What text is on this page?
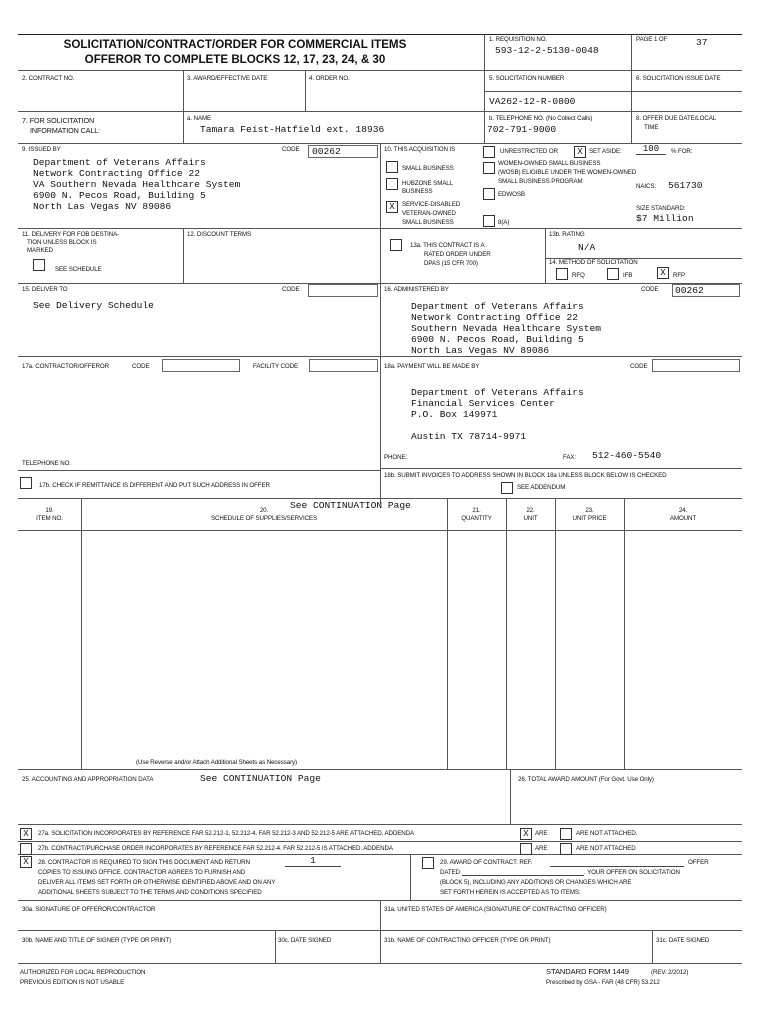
SOLICITATION/CONTRACT/ORDER FOR COMMERCIAL ITEMS
OFFEROR TO COMPLETE BLOCKS 12, 17, 23, 24, & 30
1. REQUISITION NO.
593-12-2-5130-0048
PAGE 1 OF	37
2. CONTRACT NO.	3. AWARD/EFFECTIVE DATE	4. ORDER NO.	5. SOLICITATION NUMBER
VA262-12-R-0800
6. SOLICITATION ISSUE DATE
7. FOR SOLICITATION
INFORMATION CALL:
a. NAME
Tamara Feist-Hatfield ext. 18936
b. TELEPHONE NO. (No Collect Calls)
702-791-9000
8. OFFER DUE DATE/LOCAL
TIME
9. ISSUED BY	CODE 00262
Department of Veterans Affairs
Network Contracting Office 22
VA Southern Nevada Healthcare System
6900 N. Pecos Road, Building 5
North Las Vegas NV 89086
10. THIS ACQUISITION IS	UNRESTRICTED OR	X	SET ASIDE:	100	% FOR:
SMALL BUSINESS
HUBZONE SMALL
BUSINESS
X	SERVICE-DISABLED
VETERAN-OWNED
SMALL BUSINESS
WOMEN-OWNED SMALL BUSINESS
(WOSB) ELIGIBLE UNDER THE WOMEN-OWNED
SMALL BUSINESS PROGRAM
EDWOSB
8(A)
NAICS: 561730
SIZE STANDARD:
$7 Million
11. DELIVERY FOR FOB DESTINA-
TION UNLESS BLOCK IS
MARKED
SEE SCHEDULE
12. DISCOUNT TERMS
13a. THIS CONTRACT IS A
RATED ORDER UNDER
DPAS (15 CFR 700)
13b. RATING
N/A
14. METHOD OF SOLICITATION
RFQ	IFB	X	RFP
15. DELIVER TO	CODE
See Delivery Schedule
16. ADMINISTERED BY	CODE 00262
Department of Veterans Affairs
Network Contracting Office 22
Southern Nevada Healthcare System
6900 N. Pecos Road, Building 5
North Las Vegas NV 89086
17a. CONTRACTOR/OFFEROR	CODE	FACILITY CODE	18a. PAYMENT WILL BE MADE BY	CODE
Department of Veterans Affairs
Financial Services Center
P.O. Box 149971

Austin TX 78714-9971
PHONE:	FAX: 512-460-5540
TELEPHONE NO.
18b. SUBMIT INVOICES TO ADDRESS SHOWN IN BLOCK 18a UNLESS BLOCK BELOW IS CHECKED
SEE ADDENDUM
17b. CHECK IF REMITTANCE IS DIFFERENT AND PUT SUCH ADDRESS IN OFFER
19.
ITEM NO.
20.
SCHEDULE OF SUPPLIES/SERVICES
See CONTINUATION Page	21.
QUANTITY
22.
UNIT
23.
UNIT PRICE
24.
AMOUNT
(Use Reverse and/or Attach Additional Sheets as Necessary)
25. ACCOUNTING AND APPROPRIATION DATA	See CONTINUATION Page	26. TOTAL AWARD AMOUNT (For Govt. Use Only)
X	27a. SOLICITATION INCORPORATES BY REFERENCE FAR 52.212-1, 52.212-4. FAR 52.212-3 AND 52.212-5 ARE ATTACHED. ADDENDA	X	ARE	ARE NOT ATTACHED.
27b. CONTRACT/PURCHASE ORDER INCORPORATES BY REFERENCE FAR 52.212-4. FAR 52.212-5 IS ATTACHED. ADDENDA	ARE	ARE NOT ATTACHED
X	28. CONTRACTOR IS REQUIRED TO SIGN THIS DOCUMENT AND RETURN	1
COPIES TO ISSUING OFFICE. CONTRACTOR AGREES TO FURNISH AND
DELIVER ALL ITEMS SET FORTH OR OTHERWISE IDENTIFIED ABOVE AND ON ANY
ADDITIONAL SHEETS SUBJECT TO THE TERMS AND CONDITIONS SPECIFIED
29. AWARD OF CONTRACT: REF.	OFFER
DATED	. YOUR OFFER ON SOLICITATION
(BLOCK 5), INCLUDING ANY ADDITIONS OR CHANGES WHICH ARE
SET FORTH HEREIN IS ACCEPTED AS TO ITEMS:
30a. SIGNATURE OF OFFEROR/CONTRACTOR	31a. UNITED STATES OF AMERICA (SIGNATURE OF CONTRACTING OFFICER)
30b. NAME AND TITLE OF SIGNER (TYPE OR PRINT)	30c. DATE SIGNED	31b. NAME OF CONTRACTING OFFICER (TYPE OR PRINT)	31c. DATE SIGNED
AUTHORIZED FOR LOCAL REPRODUCTION
PREVIOUS EDITION IS NOT USABLE
STANDARD FORM 1449	(REV. 2/2012)
Prescribed by GSA - FAR (48 CFR) 53.212
